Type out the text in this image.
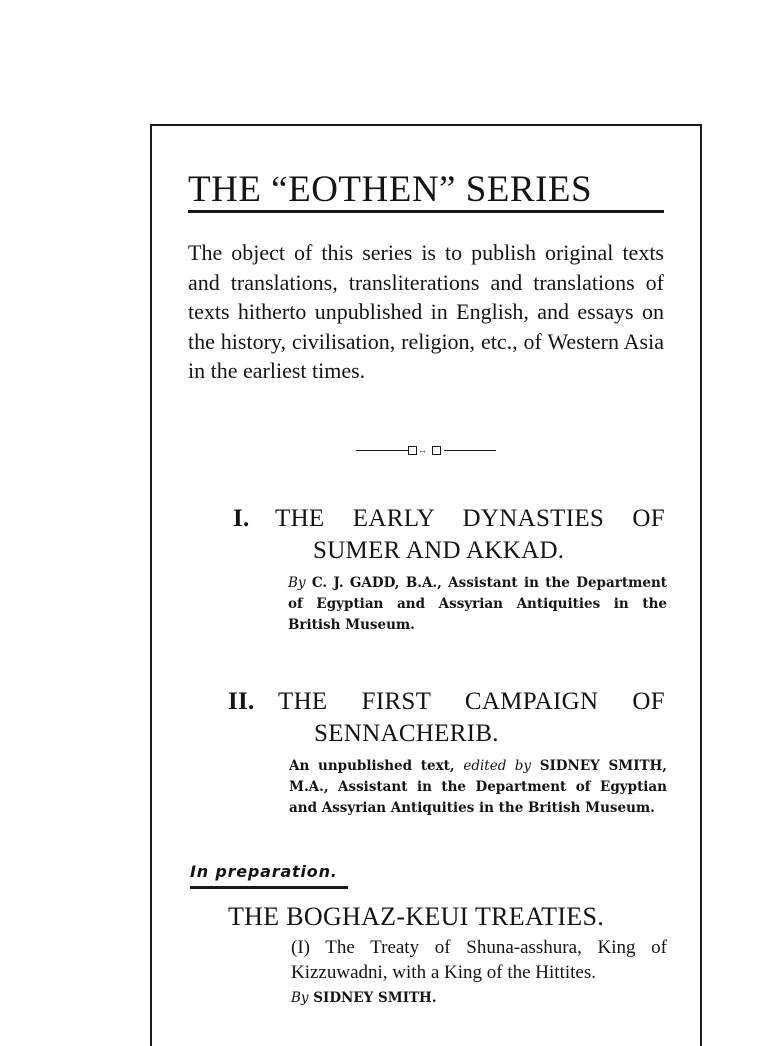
THE “EOTHEN” SERIES
The object of this series is to publish original texts and translations, transliterations and translations of texts hitherto unpublished in English, and essays on the history, civilisation, religion, etc., of Western Asia in the earliest times.
↔
I. THE EARLY DYNASTIES OF
SUMER AND AKKAD.
By C. J. GADD, B.A., Assistant in the Department of Egyptian and Assyrian Antiquities in the British Museum.
II. THE FIRST CAMPAIGN OF
SENNACHERIB.
An unpublished text, edited by SIDNEY SMITH, M.A., Assistant in the Department of Egyptian and Assyrian Antiquities in the British Museum.
In preparation.
THE BOGHAZ-KEUI TREATIES.
(I) The Treaty of Shuna-asshura, King of Kizzuwadni, with a King of the Hittites.
By SIDNEY SMITH.
